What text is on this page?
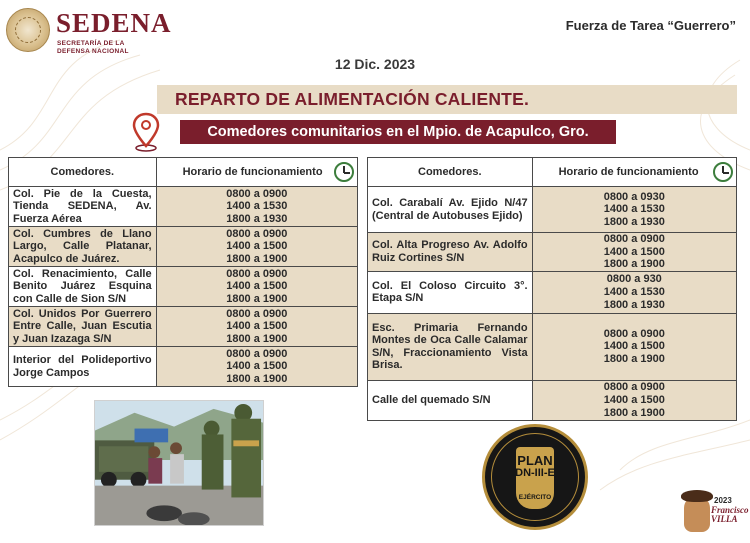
SEDENA
SECRETARÍA DE LA
DEFENSA NACIONAL
Fuerza de Tarea “Guerrero”
12 Dic. 2023
REPARTO DE ALIMENTACIÓN CALIENTE.
Comedores comunitarios en el Mpio. de Acapulco, Gro.
Comedores.	Horario de funcionamiento

Col. Pie de la Cuesta, Tienda SEDENA, Av. Fuerza Aérea	0800 a 0900
1400 a 1530
1800 a 1930

Col. Cumbres de Llano Largo, Calle Platanar, Acapulco de Juárez.	0800 a 0900
1400 a 1500
1800 a 1900

Col. Renacimiento, Calle Benito Juárez Esquina con Calle de Sion S/N	0800 a 0900
1400 a 1500
1800 a 1900

Col. Unidos Por Guerrero Entre Calle, Juan Escutia y Juan Izazaga S/N	0800 a 0900
1400 a 1500
1800 a 1900

Interior del Polideportivo Jorge Campos	0800 a 0900
1400 a 1500
1800 a 1900
Comedores.	Horario de funcionamiento

Col. Carabalí Av. Ejido N/47 (Central de Autobuses Ejido)	0800 a 0930
1400 a 1530
1800 a 1930

Col. Alta Progreso Av. Adolfo Ruiz Cortines S/N	0800 a 0900
1400 a 1500
1800 a 1900

Col. El Coloso Circuito 3°. Etapa S/N	0800 a 930
1400 a 1530
1800 a 1930

Esc. Primaria Fernando Montes de Oca Calle Calamar S/N, Fraccionamiento Vista Brisa.	0800 a 0900
1400 a 1500
1800 a 1900

Calle del quemado S/N	0800 a 0900
1400 a 1500
1800 a 1900
PLAN
DN-III-E
EJÉRCITO	2023
Francisco VILLA
